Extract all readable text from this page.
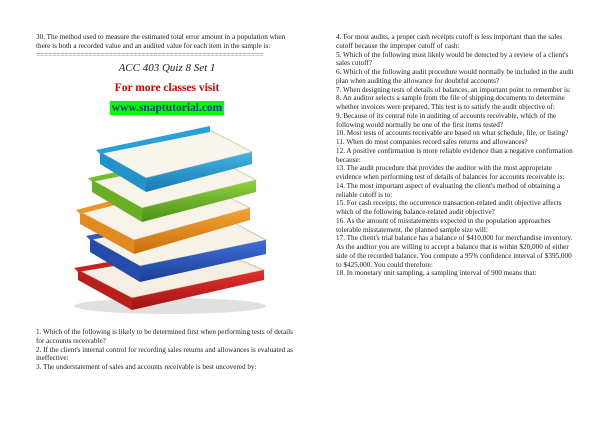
30. The method used to measure the estimated total error amount in a population when there is both a recorded value and an audited value for each item in the sample is:

========================================================

ACC 403 Quiz 8 Set 1

For more classes visit

www.snaptutorial.com

1. Which of the following is likely to be determined first when performing tests of details for accounts receivable?

2. If the client's internal control for recording sales returns and allowances is evaluated as ineffective:

3. The understatement of sales and accounts receivable is best uncovered by:

4. For most audits, a proper cash receipts cutoff is less important than the sales cutoff because the improper cutoff of cash:

5. Which of the following most likely would be detected by a review of a client's sales cutoff?

6. Which of the following audit procedure would normally be included in the audit plan when auditing the allowance for doubtful accounts?

7. When designing tests of details of balances, an important point to remember is:

8. An auditor selects a sample from the file of shipping documents to determine whether invoices were prepared. This test is to satisfy the audit objective of:

9. Because of its central role in auditing of accounts receivable, which of the following would normally be one of the first items tested?

10. Most tests of accounts receivable are based on what schedule, file, or listing?

11. When do most companies record sales returns and allowances?

12. A positive confirmation is more reliable evidence than a negative confirmation because:

13. The audit procedure that provides the auditor with the most appropriate evidence when performing test of details of balances for accounts receivable is:

14. The most important aspect of evaluating the client's method of obtaining a reliable cutoff is to:

15. For cash receipts, the occurrence transaction-related audit objective affects which of the following balance-related audit objective?

16. As the amount of misstatements expected in the population approaches tolerable misstatement, the planned sample size will:

17. The client's trial balance has a balance of $410,000 for merchandise inventory. As the auditor you are willing to accept a balance that is within $20,000 of either side of the recorded balance. You compute a 95% confidence interval of $395,000 to $425,000. You could therefore:

18. In monetary unit sampling, a sampling interval of 900 means that:
